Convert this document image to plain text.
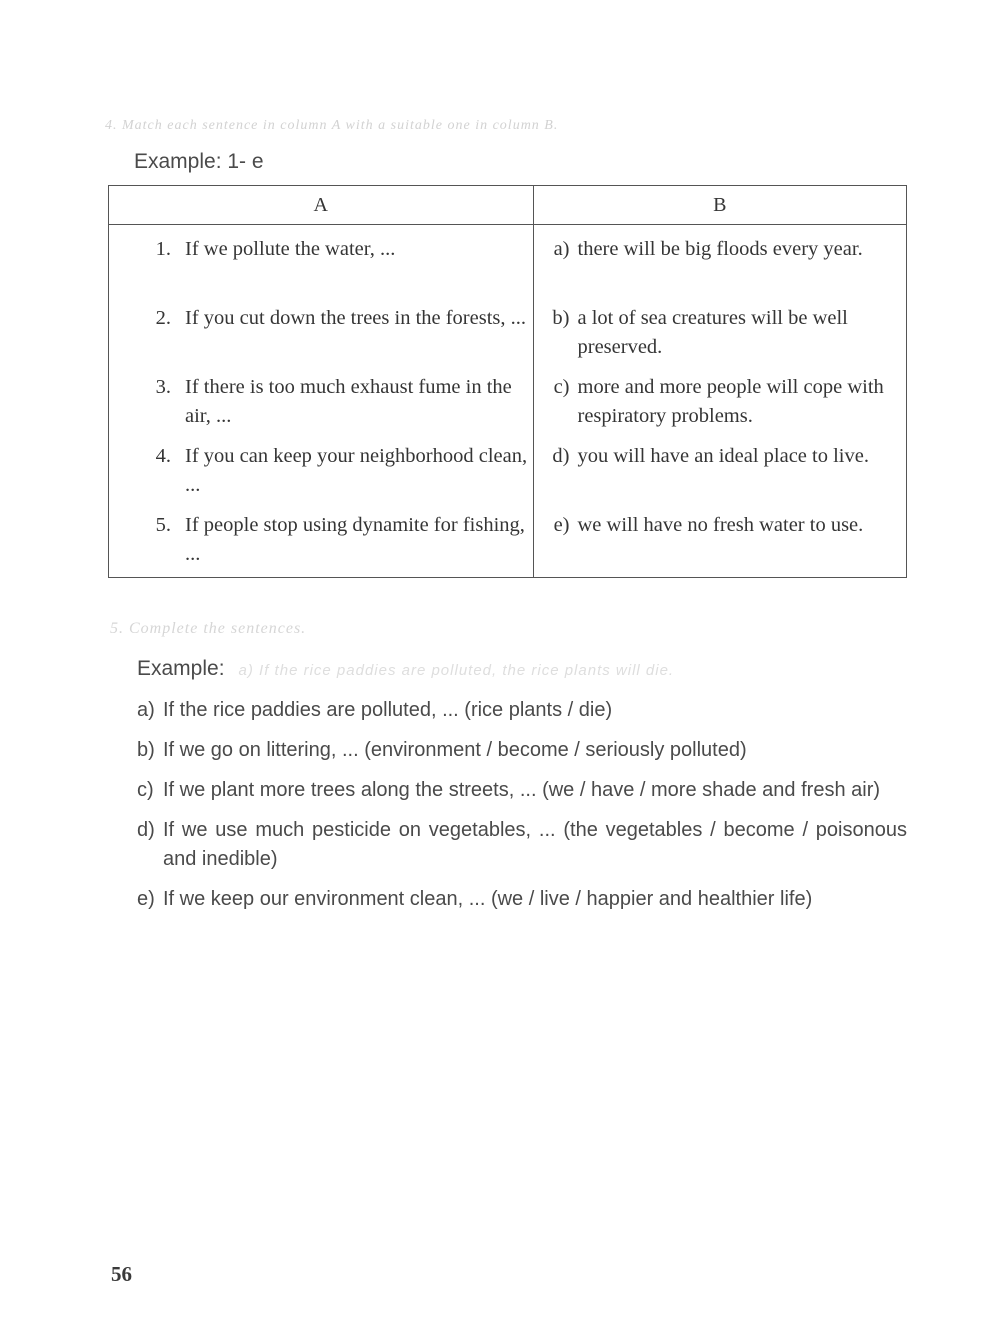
4. Match each sentence in column A with a suitable one in column B.
Example: 1- e
A	B

1. If we pollute the water, ...	a) there will be big floods every year.

2. If you cut down the trees in the forests, ...	b) a lot of sea creatures will be well preserved.

3. If there is too much exhaust fume in the air, ...	c) more and more people will cope with respiratory problems.

4. If you can keep your neighborhood clean, ...	d) you will have an ideal place to live.

5. If people stop using dynamite for fishing, ...	e) we will have no fresh water to use.
5. Complete the sentences.
Example: a) If the rice paddies are polluted, the rice plants will die.
a) If the rice paddies are polluted, ... (rice plants / die)
b) If we go on littering, ... (environment / become / seriously polluted)
c) If we plant more trees along the streets, ... (we / have / more shade and fresh air)
d) If we use much pesticide on vegetables, ... (the vegetables / become / poisonous and inedible)
e) If we keep our environment clean, ... (we / live / happier and healthier life)
56
